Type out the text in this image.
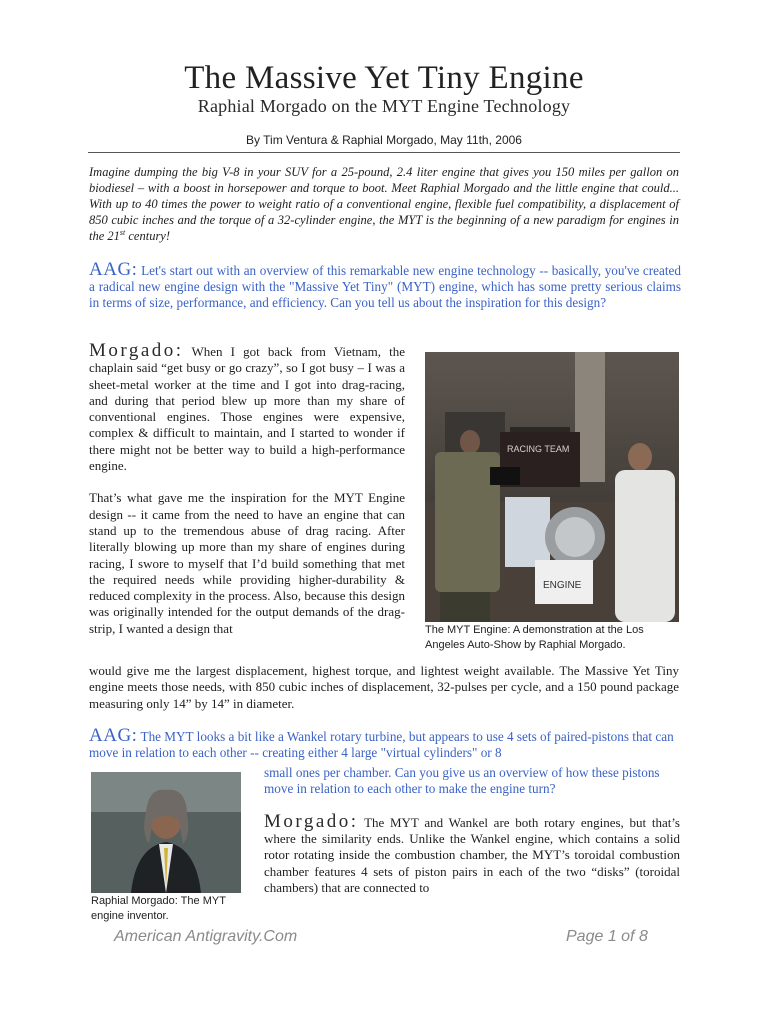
The Massive Yet Tiny Engine
Raphial Morgado on the MYT Engine Technology
By Tim Ventura & Raphial Morgado, May 11th, 2006
Imagine dumping the big V-8 in your SUV for a 25-pound, 2.4 liter engine that gives you 150 miles per gallon on biodiesel – with a boost in horsepower and torque to boot. Meet Raphial Morgado and the little engine that could... With up to 40 times the power to weight ratio of a conventional engine, flexible fuel compatibility, a displacement of 850 cubic inches and the torque of a 32-cylinder engine, the MYT is the beginning of a new paradigm for engines in the 21st century!
AAG: Let's start out with an overview of this remarkable new engine technology -- basically, you've created a radical new engine design with the "Massive Yet Tiny" (MYT) engine, which has some pretty serious claims in terms of size, performance, and efficiency. Can you tell us about the inspiration for this design?
Morgado: When I got back from Vietnam, the chaplain said “get busy or go crazy”, so I got busy – I was a sheet-metal worker at the time and I got into drag-racing, and during that period blew up more than my share of conventional engines. Those engines were expensive, complex & difficult to maintain, and I started to wonder if there might not be better way to build a high-performance engine.
That’s what gave me the inspiration for the MYT Engine design -- it came from the need to have an engine that can stand up to the tremendous abuse of drag racing. After literally blowing up more than my share of engines during racing, I swore to myself that I’d build something that met the required needs while providing higher-durability & reduced complexity in the process. Also, because this design was originally intended for the output demands of the drag-strip, I wanted a design that
would give me the largest displacement, highest torque, and lightest weight available. The Massive Yet Tiny engine meets those needs, with 850 cubic inches of displacement, 32-pulses per cycle, and a 150 pound package measuring only 14” by 14” in diameter.
RACING TEAM
ENGINE
The MYT Engine: A demonstration at the Los Angeles Auto-Show by Raphial Morgado.
AAG: The MYT looks a bit like a Wankel rotary turbine, but appears to use 4 sets of paired-pistons that can move in relation to each other -- creating either 4 large "virtual cylinders" or 8
small ones per chamber. Can you give us an overview of how these pistons move in relation to each other to make the engine turn?
Raphial Morgado: The MYT engine inventor.
Morgado: The MYT and Wankel are both rotary engines, but that’s where the similarity ends. Unlike the Wankel engine, which contains a solid rotor rotating inside the combustion chamber, the MYT’s toroidal combustion chamber features 4 sets of piston pairs in each of the two “disks” (toroidal chambers) that are connected to
American Antigravity.Com	Page 1 of 8
